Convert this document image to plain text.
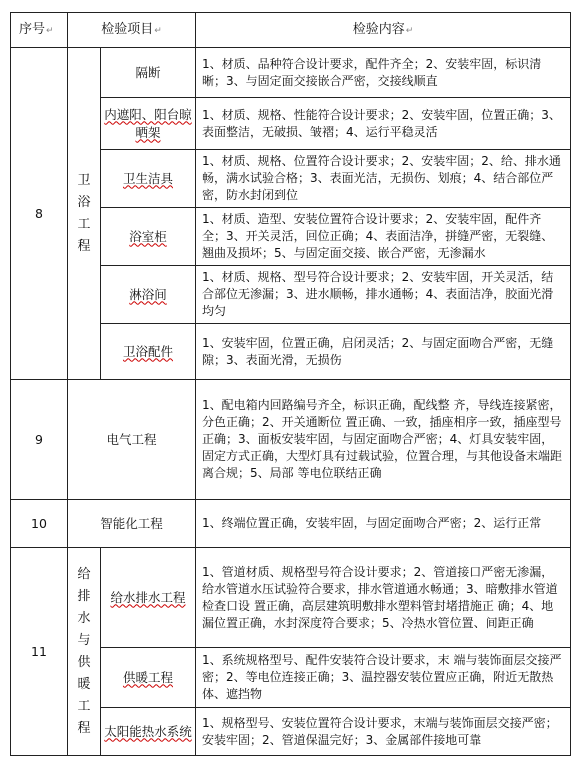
序号↵	检验项目↵		检验内容↵
8	卫浴工程	隔断	1、材质、品种符合设计要求，配件齐全；2、安装牢固，标识清晰；3、与固定面交接嵌合严密，交接线顺直
		内遮阳、阳台晾晒架	1、材质、规格、性能符合设计要求；2、安装牢固，位置正确；3、表面整洁，无破损、皱褶；4、运行平稳灵活
		卫生洁具	1、材质、规格、位置符合设计要求；2、安装牢固；2、给、排水通畅，满水试验合格；3、表面光洁，无损伤、划痕；4、结合部位严密，防水封闭到位
		浴室柜	1、材质、造型、安装位置符合设计要求；2、安装牢固，配件齐全；3、开关灵活，回位正确；4、表面洁净，拼缝严密，无裂缝、翘曲及损坏；5、与固定面交接、嵌合严密，无渗漏水
		淋浴间	1、材质、规格、型号符合设计要求；2、安装牢固，开关灵活，结合部位无渗漏；3、进水顺畅，排水通畅；4、表面洁净，胶面光滑均匀
		卫浴配件	1、安装牢固，位置正确，启闭灵活；2、与固定面吻合严密，无缝隙；3、表面光滑，无损伤
9	电气工程		1、配电箱内回路编号齐全，标识正确，配线整 齐，导线连接紧密，分色正确；2、开关通断位 置正确、一致，插座相序一致，插座型号正确；3、面板安装牢固，与固定面吻合严密；4、灯具安装牢固，固定方式正确，大型灯具有过载试验，位置合理，与其他设备末端距离合规；5、局部 等电位联结正确
10	智能化工程		1、终端位置正确，安装牢固，与固定面吻合严密；2、运行正常
11	给排水与供暖工程	给水排水工程	1、管道材质、规格型号符合设计要求；2、管道接口严密无渗漏，给水管道水压试验符合要求，排水管道通水畅通；3、暗敷排水管道检查口设 置正确，高层建筑明敷排水塑料管封堵措施正 确；4、地漏位置正确，水封深度符合要求；5、冷热水管位置、间距正确
		供暖工程	1、系统规格型号、配件安装符合设计要求，末 端与装饰面层交接严密；2、等电位连接正确；3、温控器安装位置应正确，附近无散热体、遮挡物
		太阳能热水系统	1、规格型号、安装位置符合设计要求，末端与装饰面层交接严密；安装牢固；2、管道保温完好；3、金属部件接地可靠
